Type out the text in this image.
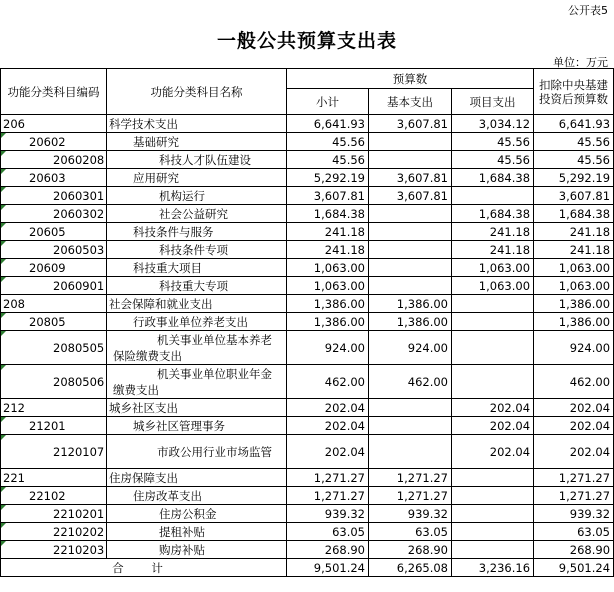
公开表5
一般公共预算支出表
单位：万元
功能分类科目编码	功能分类科目名称	预算数			扣除中央基建投资后预算数
		小计	基本支出	项目支出	
206	科学技术支出	6,641.93	3,607.81	3,034.12	6,641.93
20602	基础研究	45.56		45.56	45.56
2060208	科技人才队伍建设	45.56		45.56	45.56
20603	应用研究	5,292.19	3,607.81	1,684.38	5,292.19
2060301	机构运行	3,607.81	3,607.81		3,607.81
2060302	社会公益研究	1,684.38		1,684.38	1,684.38
20605	科技条件与服务	241.18		241.18	241.18
2060503	科技条件专项	241.18		241.18	241.18
20609	科技重大项目	1,063.00		1,063.00	1,063.00
2060901	科技重大专项	1,063.00		1,063.00	1,063.00
208	社会保障和就业支出	1,386.00	1,386.00		1,386.00
20805	行政事业单位养老支出	1,386.00	1,386.00		1,386.00
2080505	机关事业单位基本养老保险缴费支出	924.00	924.00		924.00
2080506	机关事业单位职业年金缴费支出	462.00	462.00		462.00
212	城乡社区支出	202.04		202.04	202.04
21201	城乡社区管理事务	202.04		202.04	202.04
2120107	市政公用行业市场监管	202.04		202.04	202.04
221	住房保障支出	1,271.27	1,271.27		1,271.27
22102	住房改革支出	1,271.27	1,271.27		1,271.27
2210201	住房公积金	939.32	939.32		939.32
2210202	提租补贴	63.05	63.05		63.05
2210203	购房补贴	268.90	268.90		268.90
合 计		9,501.24	6,265.08	3,236.16	9,501.24
